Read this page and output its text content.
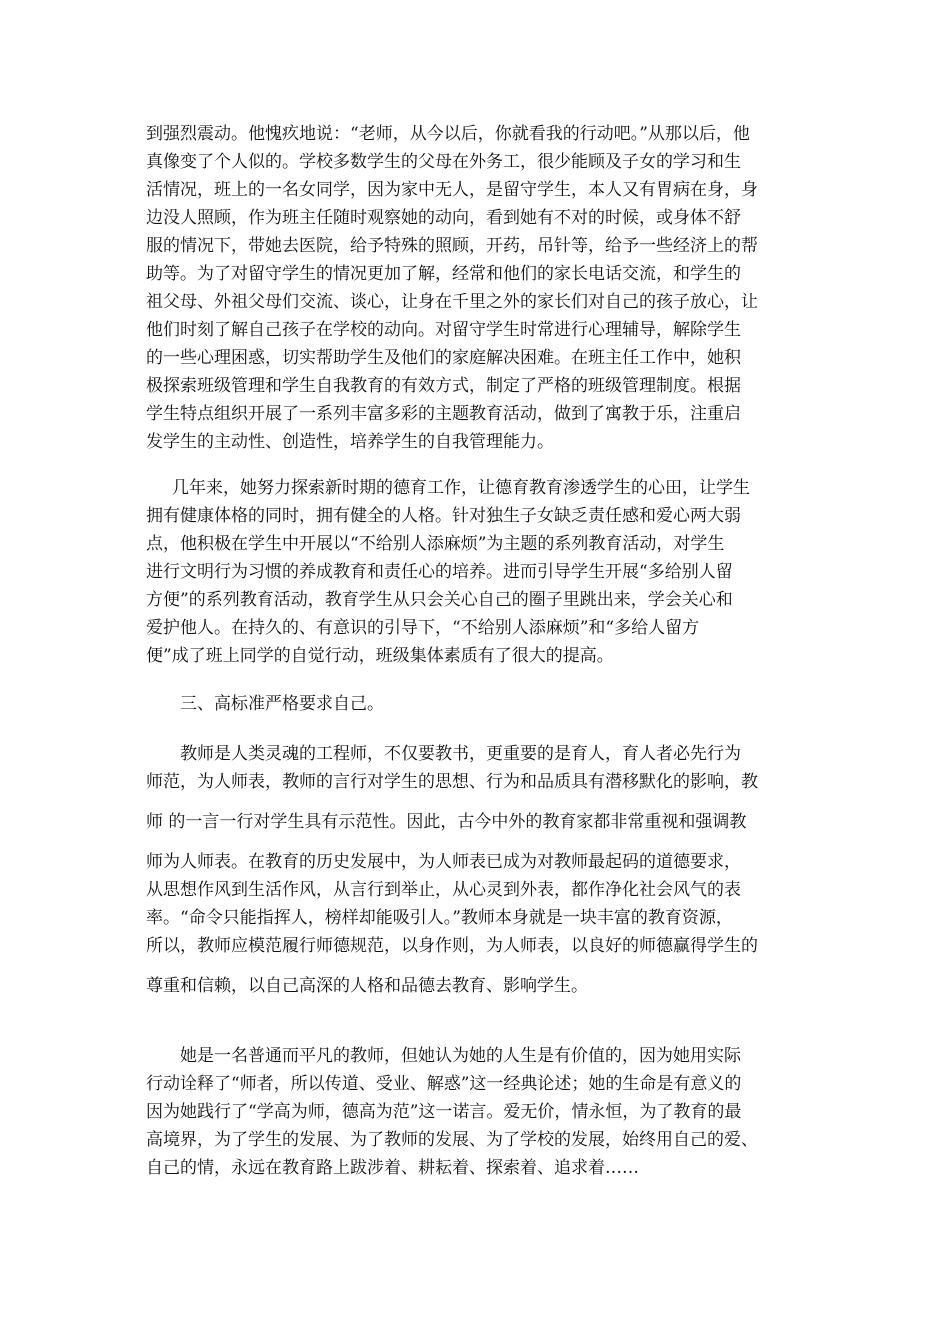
到强烈震动。他愧疚地说：“老师，从今以后，你就看我的行动吧。”从那以后，他

真像变了个人似的。学校多数学生的父母在外务工，很少能顾及子女的学习和生

活情况，班上的一名女同学，因为家中无人，是留守学生，本人又有胃病在身，身

边没人照顾，作为班主任随时观察她的动向，看到她有不对的时候，或身体不舒

服的情况下，带她去医院，给予特殊的照顾，开药，吊针等，给予一些经济上的帮

助等。为了对留守学生的情况更加了解，经常和他们的家长电话交流，和学生的

祖父母、外祖父母们交流、谈心，让身在千里之外的家长们对自己的孩子放心，让

他们时刻了解自己孩子在学校的动向。对留守学生时常进行心理辅导，解除学生

的一些心理困惑，切实帮助学生及他们的家庭解决困难。在班主任工作中，她积

极探索班级管理和学生自我教育的有效方式，制定了严格的班级管理制度。根据

学生特点组织开展了一系列丰富多彩的主题教育活动，做到了寓教于乐，注重启

发学生的主动性、创造性，培养学生的自我管理能力。

几年来，她努力探索新时期的德育工作，让德育教育渗透学生的心田，让学生

拥有健康体格的同时，拥有健全的人格。针对独生子女缺乏责任感和爱心两大弱

点，他积极在学生中开展以“不给别人添麻烦”为主题的系列教育活动，对学生

进行文明行为习惯的养成教育和责任心的培养。进而引导学生开展“多给别人留

方便”的系列教育活动，教育学生从只会关心自己的圈子里跳出来，学会关心和

爱护他人。在持久的、有意识的引导下，“不给别人添麻烦”和“多给人留方

便”成了班上同学的自觉行动，班级集体素质有了很大的提高。

三、高标准严格要求自己。

教师是人类灵魂的工程师，不仅要教书，更重要的是育人，育人者必先行为

师范，为人师表，教师的言行对学生的思想、行为和品质具有潜移默化的影响，教

师 的一言一行对学生具有示范性。因此，古今中外的教育家都非常重视和强调教

师为人师表。在教育的历史发展中，为人师表已成为对教师最起码的道德要求，

从思想作风到生活作风，从言行到举止，从心灵到外表，都作净化社会风气的表

率。“命令只能指挥人，榜样却能吸引人。”教师本身就是一块丰富的教育资源，

所以，教师应模范履行师德规范，以身作则，为人师表，以良好的师德赢得学生的

尊重和信赖，以自己高深的人格和品德去教育、影响学生。

她是一名普通而平凡的教师，但她认为她的人生是有价值的，因为她用实际

行动诠释了“师者，所以传道、受业、解惑”这一经典论述；她的生命是有意义的

因为她践行了“学高为师，德高为范”这一诺言。爱无价，情永恒，为了教育的最

高境界，为了学生的发展、为了教师的发展、为了学校的发展，始终用自己的爱、

自己的情，永远在教育路上跋涉着、耕耘着、探索着、追求着……
